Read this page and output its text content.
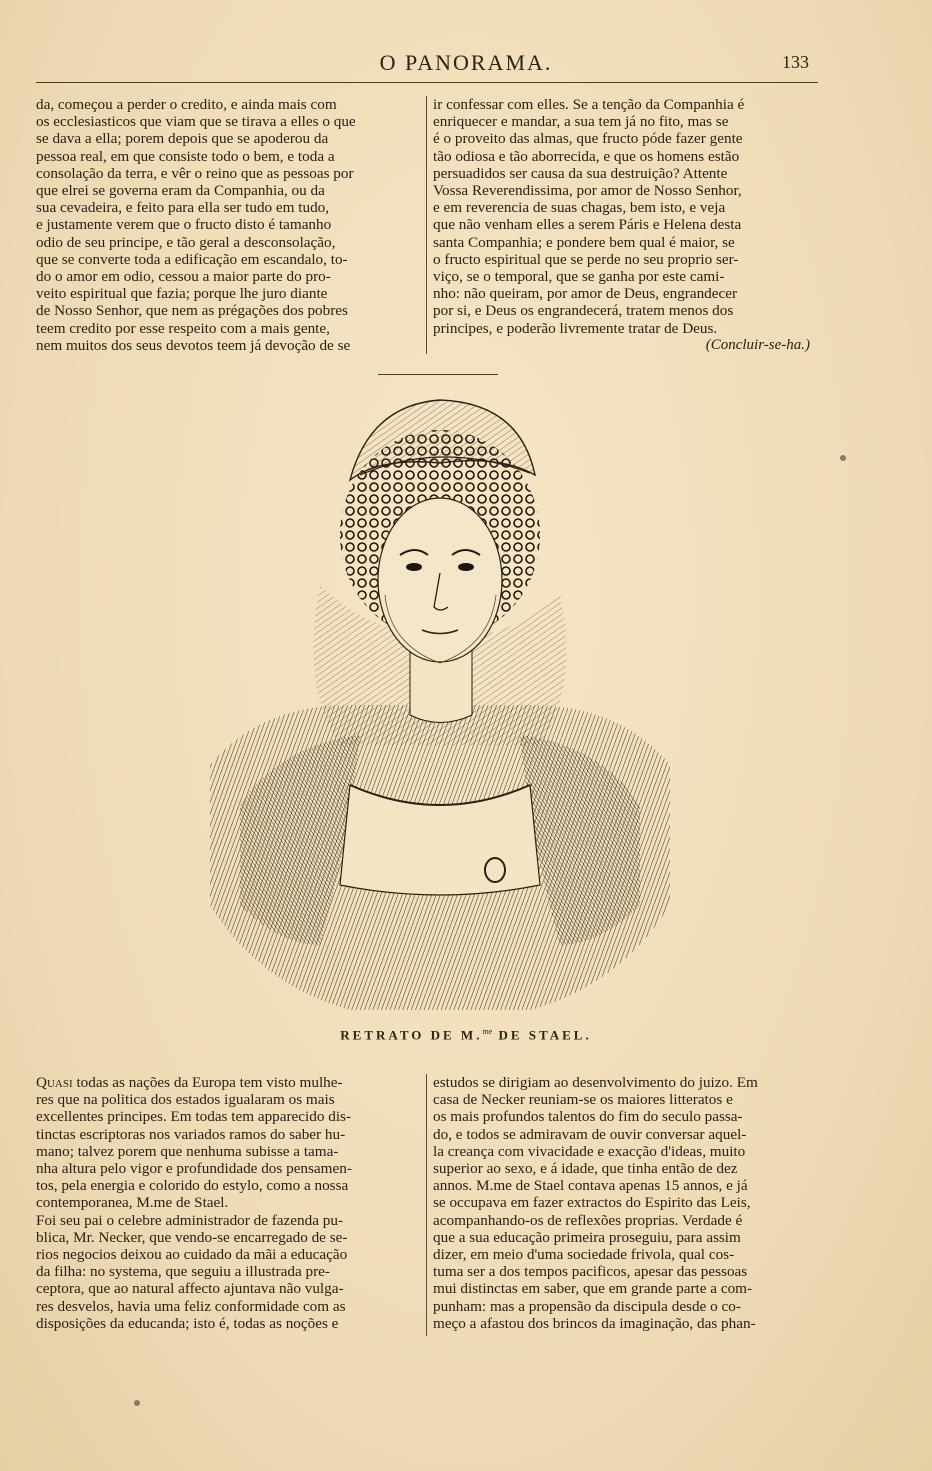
O PANORAMA.	133

da, começou a perder o credito, e ainda mais com
os ecclesiasticos que viam que se tirava a elles o que
se dava a ella; porem depois que se apoderou da
pessoa real, em que consiste todo o bem, e toda a
consolação da terra, e vêr o reino que as pessoas por
que elrei se governa eram da Companhia, ou da
sua cevadeira, e feito para ella ser tudo em tudo,
e justamente verem que o fructo disto é tamanho
odio de seu principe, e tão geral a desconsolação,
que se converte toda a edificação em escandalo, to-
do o amor em odio, cessou a maior parte do pro-
veito espiritual que fazia; porque lhe juro diante
de Nosso Senhor, que nem as prégações dos pobres
teem credito por esse respeito com a mais gente,
nem muitos dos seus devotos teem já devoção de se

ir confessar com elles. Se a tenção da Companhia é
enriquecer e mandar, a sua tem já no fito, mas se
é o proveito das almas, que fructo póde fazer gente
tão odiosa e tão aborrecida, e que os homens estão
persuadidos ser causa da sua destruição? Attente
Vossa Reverendissima, por amor de Nosso Senhor,
e em reverencia de suas chagas, bem isto, e veja
que não venham elles a serem Páris e Helena desta
santa Companhia; e pondere bem qual é maior, se
o fructo espiritual que se perde no seu proprio ser-
viço, se o temporal, que se ganha por este cami-
nho: não queiram, por amor de Deus, engrandecer
por si, e Deus os engrandecerá, tratem menos dos
principes, e poderão livremente tratar de Deus.

(Concluir-se-ha.)
RETRATO DE M.$^{me}$ DE STAEL.

Quasi todas as nações da Europa tem visto mulhe-
res que na politica dos estados igualaram os mais
excellentes principes. Em todas tem apparecido dis-
tinctas escriptoras nos variados ramos do saber hu-
mano; talvez porem que nenhuma subisse a tama-
nha altura pelo vigor e profundidade dos pensamen-
tos, pela energia e colorido do estylo, como a nossa
contemporanea, M.me de Stael.
Foi seu pai o celebre administrador de fazenda pu-
blica, Mr. Necker, que vendo-se encarregado de se-
rios negocios deixou ao cuidado da mãi a educação
da filha: no systema, que seguiu a illustrada pre-
ceptora, que ao natural affecto ajuntava não vulga-
res desvelos, havia uma feliz conformidade com as
disposições da educanda; isto é, todas as noções e

estudos se dirigiam ao desenvolvimento do juizo. Em
casa de Necker reuniam-se os maiores litteratos e
os mais profundos talentos do fim do seculo passa-
do, e todos se admiravam de ouvir conversar aquel-
la creança com vivacidade e exacção d'ideas, muito
superior ao sexo, e á idade, que tinha então de dez
annos. M.me de Stael contava apenas 15 annos, e já
se occupava em fazer extractos do Espirito das Leis,
acompanhando-os de reflexões proprias. Verdade é
que a sua educação primeira proseguiu, para assim
dizer, em meio d'uma sociedade frivola, qual cos-
tuma ser a dos tempos pacificos, apesar das pessoas
mui distinctas em saber, que em grande parte a com-
punham: mas a propensão da discipula desde o co-
meço a afastou dos brincos da imaginação, das phan-
